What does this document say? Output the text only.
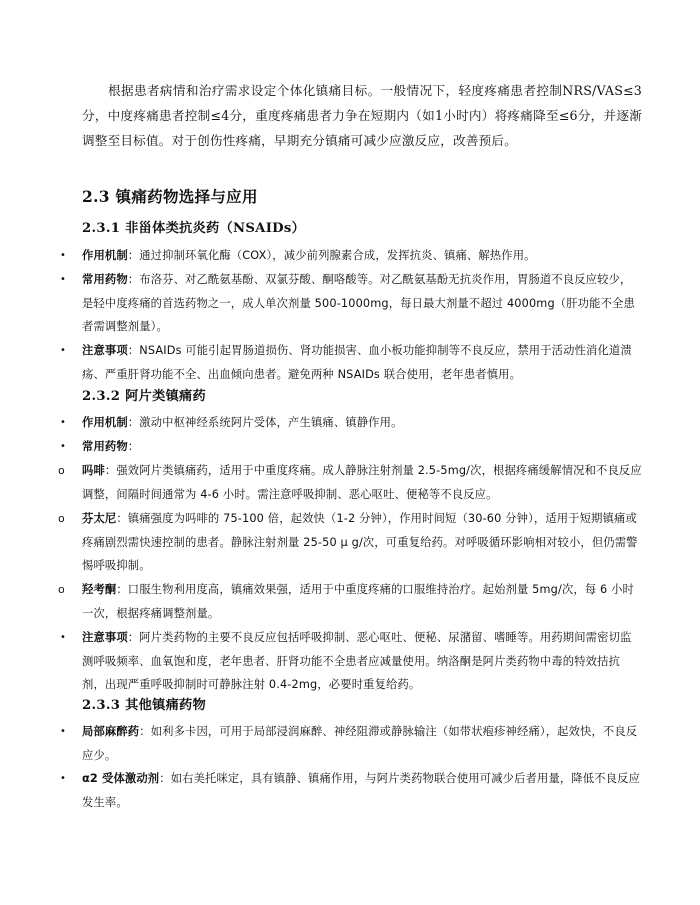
根据患者病情和治疗需求设定个体化镇痛目标。一般情况下，轻度疼痛患者控制NRS/VAS≤3分，中度疼痛患者控制≤4分，重度疼痛患者力争在短期内（如1小时内）将疼痛降至≤6分，并逐渐调整至目标值。对于创伤性疼痛，早期充分镇痛可减少应激反应，改善预后。

2.3 镇痛药物选择与应用
2.3.1 非甾体类抗炎药（NSAIDs）
• 作用机制：通过抑制环氧化酶（COX），减少前列腺素合成，发挥抗炎、镇痛、解热作用。

• 常用药物：布洛芬、对乙酰氨基酚、双氯芬酸、酮咯酸等。对乙酰氨基酚无抗炎作用，胃肠道不良反应较少，是轻中度疼痛的首选药物之一，成人单次剂量 500-1000mg，每日最大剂量不超过 4000mg（肝功能不全患者需调整剂量）。

• 注意事项：NSAIDs 可能引起胃肠道损伤、肾功能损害、血小板功能抑制等不良反应，禁用于活动性消化道溃疡、严重肝肾功能不全、出血倾向患者。避免两种 NSAIDs 联合使用，老年患者慎用。

2.3.2 阿片类镇痛药
• 作用机制：激动中枢神经系统阿片受体，产生镇痛、镇静作用。

• 常用药物：

o 吗啡：强效阿片类镇痛药，适用于中重度疼痛。成人静脉注射剂量 2.5-5mg/次，根据疼痛缓解情况和不良反应调整，间隔时间通常为 4-6 小时。需注意呼吸抑制、恶心呕吐、便秘等不良反应。

o 芬太尼：镇痛强度为吗啡的 75-100 倍，起效快（1-2 分钟），作用时间短（30-60 分钟），适用于短期镇痛或疼痛剧烈需快速控制的患者。静脉注射剂量 25-50 μ g/次，可重复给药。对呼吸循环影响相对较小，但仍需警惕呼吸抑制。

o 羟考酮：口服生物利用度高，镇痛效果强，适用于中重度疼痛的口服维持治疗。起始剂量 5mg/次，每 6 小时一次，根据疼痛调整剂量。

• 注意事项：阿片类药物的主要不良反应包括呼吸抑制、恶心呕吐、便秘、尿潴留、嗜睡等。用药期间需密切监测呼吸频率、血氧饱和度，老年患者、肝肾功能不全患者应减量使用。纳洛酮是阿片类药物中毒的特效拮抗剂，出现严重呼吸抑制时可静脉注射 0.4-2mg，必要时重复给药。

2.3.3 其他镇痛药物
• 局部麻醉药：如利多卡因，可用于局部浸润麻醉、神经阻滞或静脉输注（如带状疱疹神经痛），起效快，不良反应少。

• α2 受体激动剂：如右美托咪定，具有镇静、镇痛作用，与阿片类药物联合使用可减少后者用量，降低不良反应发生率。
